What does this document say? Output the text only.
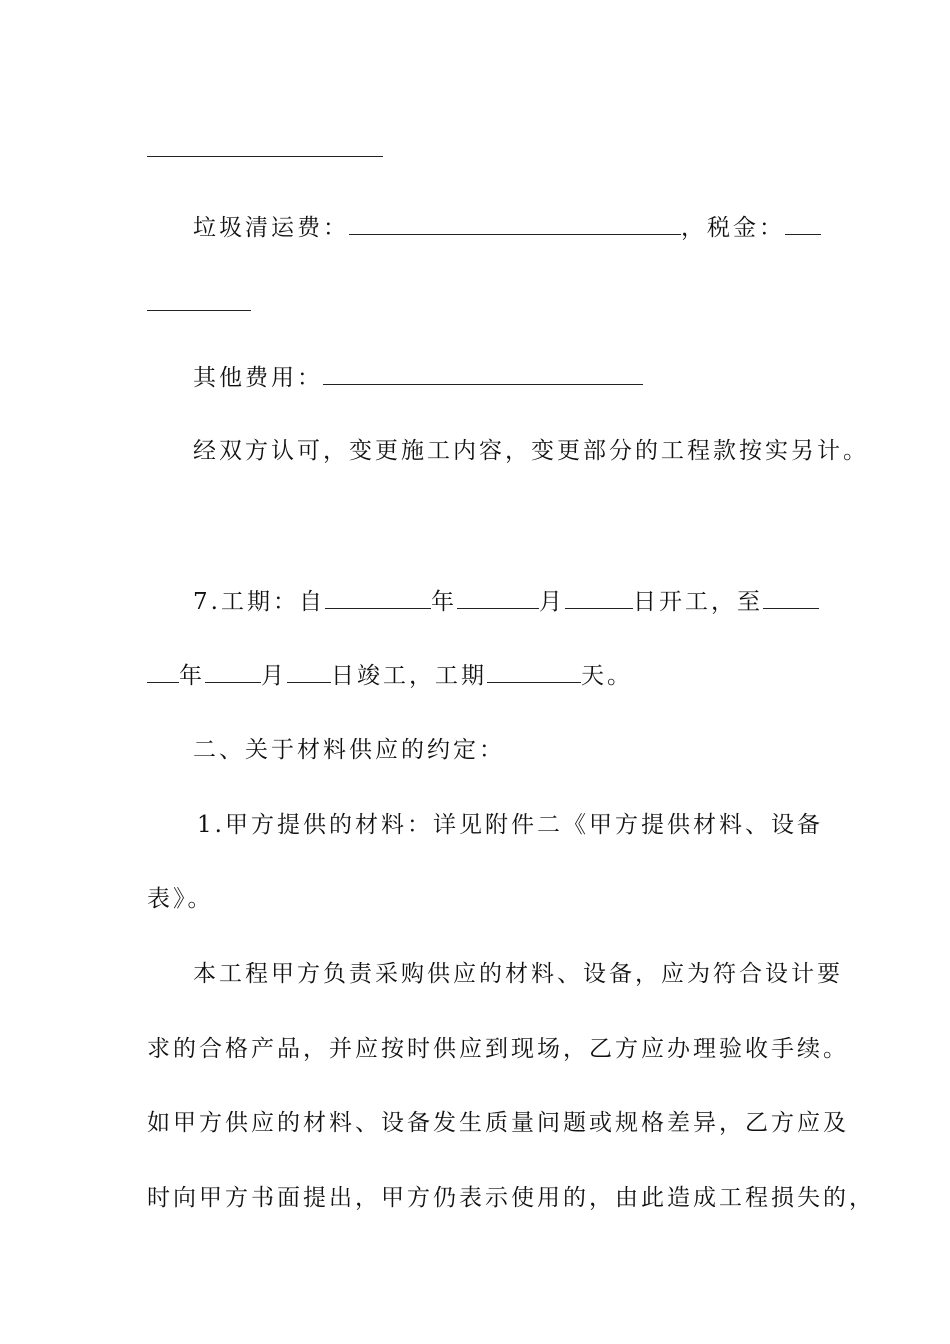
垃圾清运费：	，税金：
其他费用：
经双方认可，变更施工内容，变更部分的工程款按实另计。
7.工期：自	年	月	日开工，至
年 月 日竣工，工期	天。
二、关于材料供应的约定：
1.甲方提供的材料：详见附件二《甲方提供材料、设备
表》。
本工程甲方负责采购供应的材料、设备，应为符合设计要
求的合格产品，并应按时供应到现场，乙方应办理验收手续。
如甲方供应的材料、设备发生质量问题或规格差异，乙方应及
时向甲方书面提出，甲方仍表示使用的，由此造成工程损失的，
